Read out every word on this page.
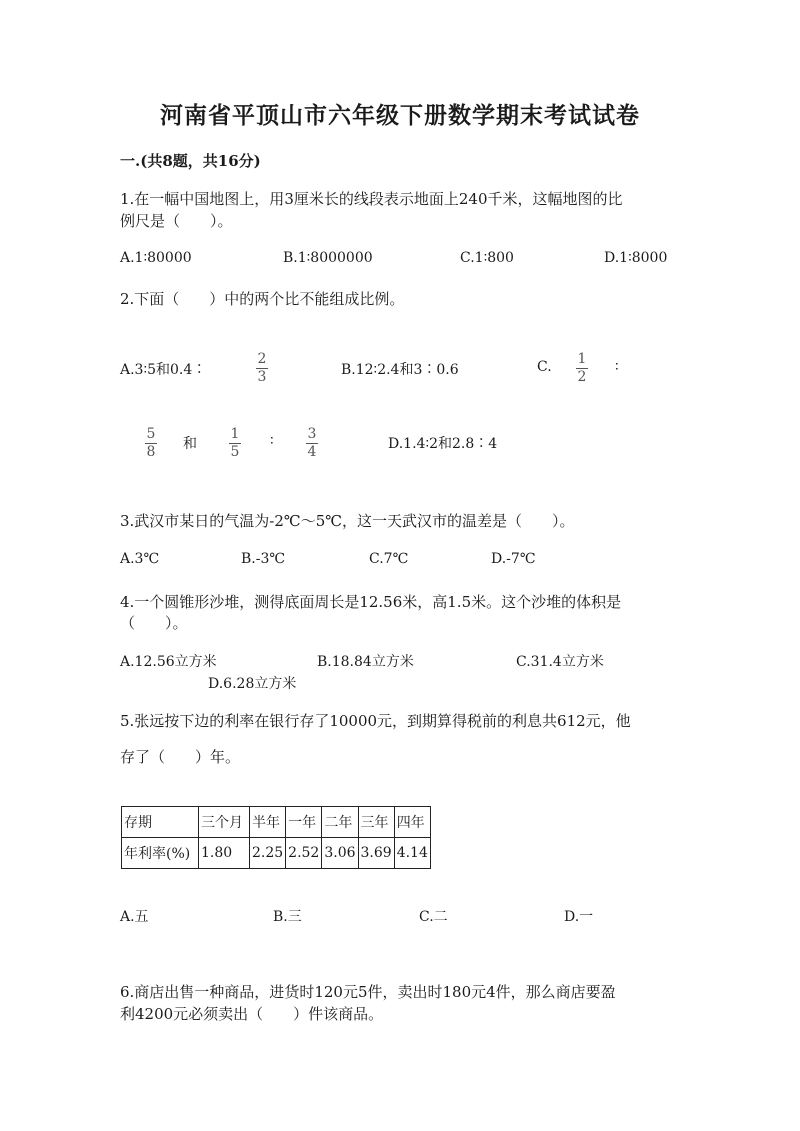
河南省平顶山市六年级下册数学期末考试试卷
一.(共8题，共16分)
1.在一幅中国地图上，用3厘米长的线段表示地面上240千米，这幅地图的比
例尺是（　　）。
A.1∶80000	B.1∶8000000	C.1∶800	D.1∶8000
2.下面（　　）中的两个比不能组成比例。
A.3∶5和0.4∶
2
3	B.12∶2.4和3∶0.6	C. 1
2
∶
5
8 和
1
5
∶ 3
4	D.1.4∶2和2.8∶4
3.武汉市某日的气温为-2℃～5℃，这一天武汉市的温差是（　　）。
A.3℃	B.-3℃	C.7℃	D.-7℃
4.一个圆锥形沙堆，测得底面周长是12.56米，高1.5米。这个沙堆的体积是
（　　）。
A.12.56立方米	B.18.84立方米	C.31.4立方米
D.6.28立方米
5.张远按下边的利率在银行存了10000元，到期算得税前的利息共612元，他
存了（　　）年。
存期	三个月	半年	一年	二年	三年	四年
年利率(%)	1.80	2.25	2.52	3.06	3.69	4.14
A.五	B.三	C.二	D.一
6.商店出售一种商品，进货时120元5件，卖出时180元4件，那么商店要盈
利4200元必须卖出（　　）件该商品。
